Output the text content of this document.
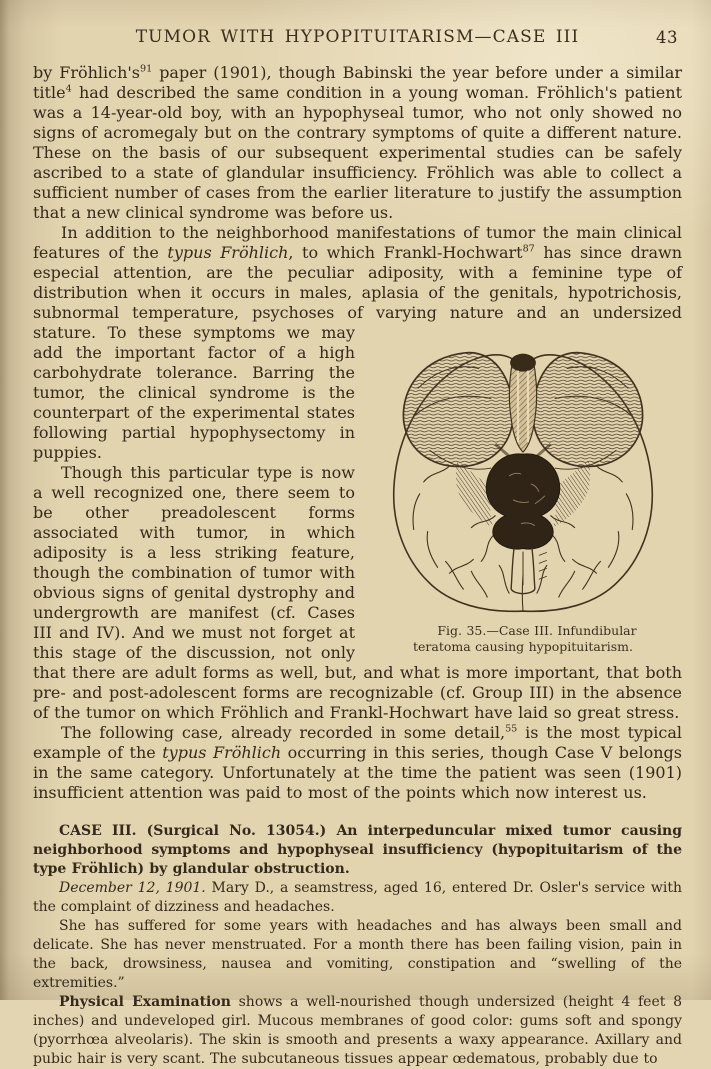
TUMOR WITH HYPOPITUITARISM—CASE III	43

by $Fröhlich's^{91}$ paper (1901), though Babinski the year before under a similar title$^4$ had described the same condition in a young woman. Fröhlich's patient was a 14-year-old boy, with an hypophyseal tumor, who not only showed no signs of acromegaly but on the contrary symptoms of quite a different nature. These on the basis of our subsequent experimental studies can be safely ascribed to a state of glandular insufficiency. Fröhlich was able to collect a sufficient number of cases from the earlier literature to justify the assumption that a new clinical syndrome was before us.

In addition to the neighborhood manifestations of tumor the main clinical features of the typus Fröhlich, to which Frankl-Hochwart$^{87}$ has since drawn especial attention, are the peculiar adiposity, with a feminine type of distribution when it occurs in males, aplasia of the genitals, hypotrichosis, subnormal temperature, psychoses of varying nature and an undersized
Fig. 35.—Case III. Infundibular teratoma causing hypopituitarism.
stature. To these symptoms we may add the important factor of a high carbohydrate tolerance. Barring the tumor, the clinical syndrome is the counterpart of the experimental states following partial hypophysectomy in puppies.

Though this particular type is now a well recognized one, there seem to be other preadolescent forms associated with tumor, in which adiposity is a less striking feature, though the combination of tumor with obvious signs of genital dystrophy and undergrowth are manifest (cf. Cases III and IV). And we must not forget at this stage of the discussion, not only that there are adult forms as well, but, and what is more important, that both pre- and post-adolescent forms are recognizable (cf. Group III) in the absence of the tumor on which Fröhlich and Frankl-Hochwart have laid so great stress.

The following case, already recorded in some detail,$^{55}$ is the most typical example of the typus Fröhlich occurring in this series, though Case V belongs in the same category. Unfortunately at the time the patient was seen (1901) insufficient attention was paid to most of the points which now interest us.

CASE III. (Surgical No. 13054.) An interpeduncular mixed tumor causing neighborhood symptoms and hypophyseal insufficiency (hypopituitarism of the type Fröhlich) by glandular obstruction.

December 12, 1901. Mary D., a seamstress, aged 16, entered Dr. Osler's service with the complaint of dizziness and headaches.

She has suffered for some years with headaches and has always been small and delicate. She has never menstruated. For a month there has been failing vision, pain in the back, drowsiness, nausea and vomiting, constipation and “swelling of the extremities.”

Physical Examination shows a well-nourished though undersized (height 4 feet 8 inches) and undeveloped girl. Mucous membranes of good color: gums soft and spongy (pyorrhœa alveolaris). The skin is smooth and presents a waxy appearance. Axillary and pubic hair is very scant. The subcutaneous tissues appear œdematous, probably due to
